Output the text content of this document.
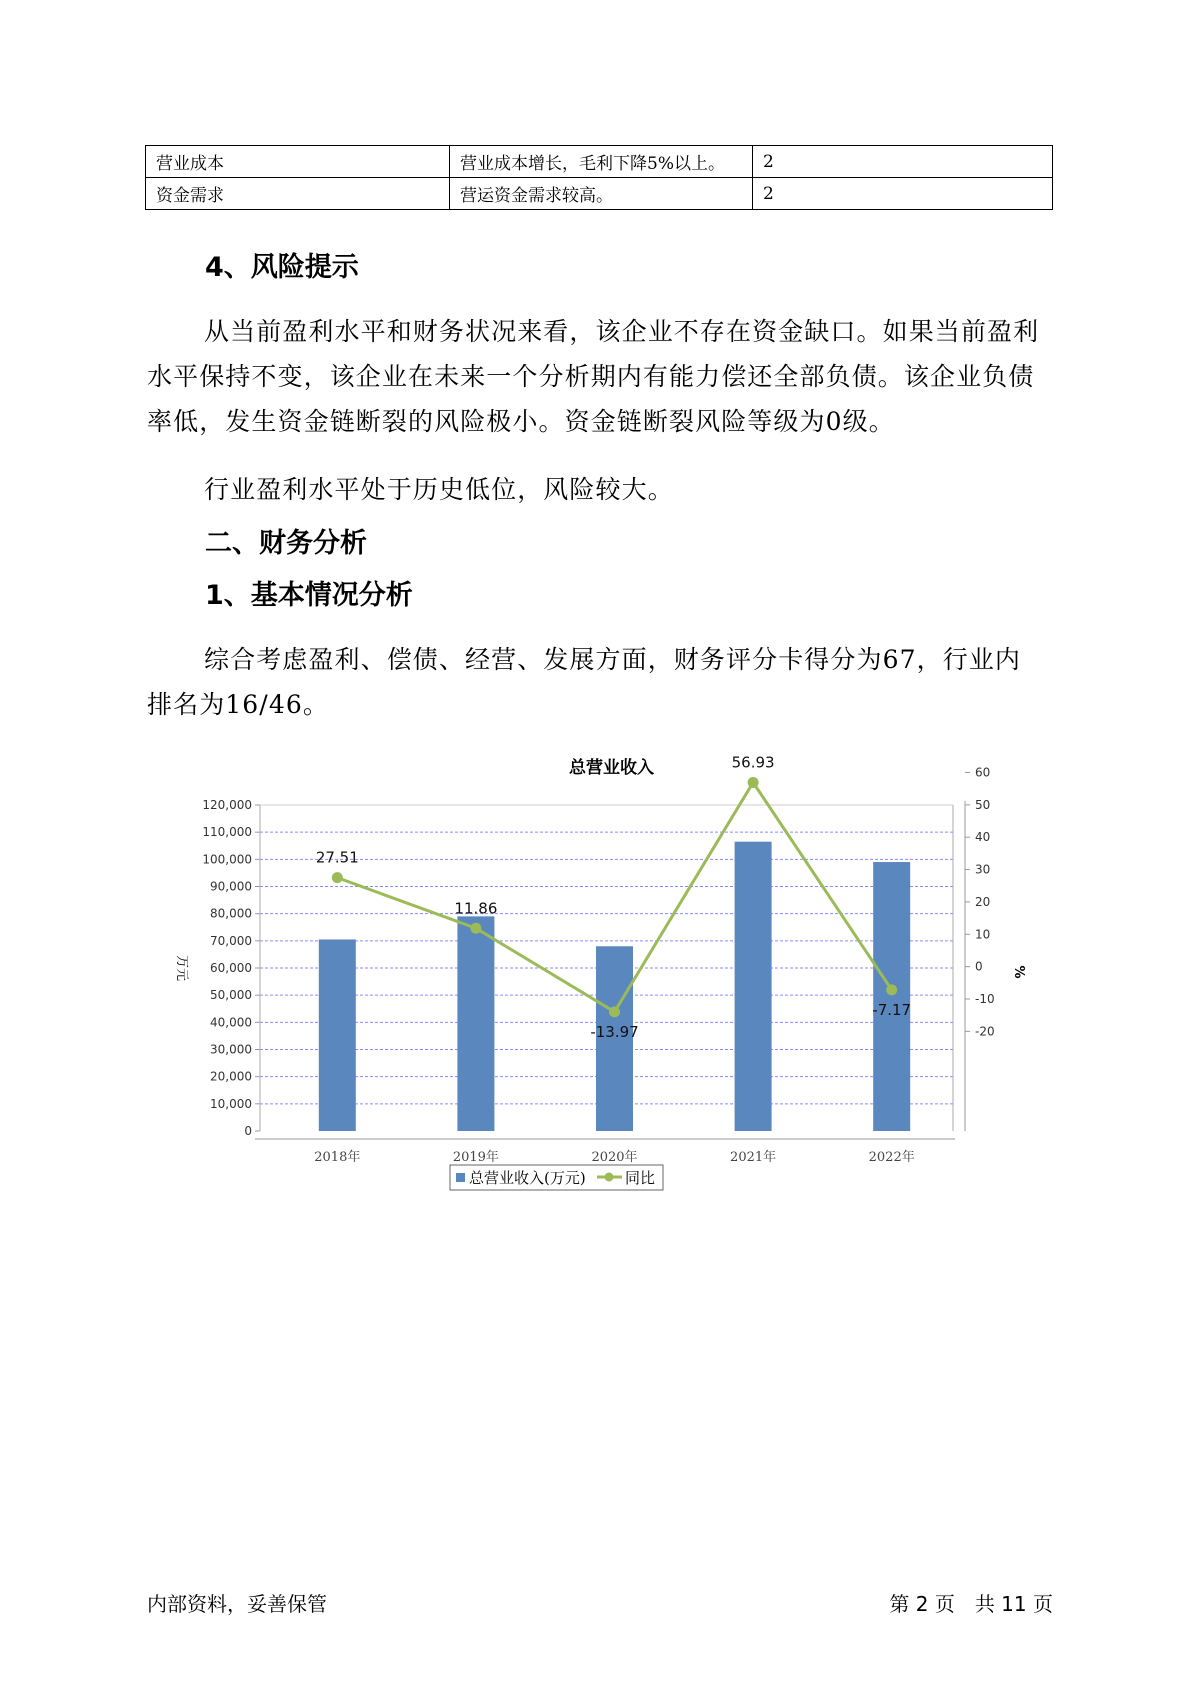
营业成本	营业成本增长，毛利下降5%以上。	2
资金需求	营运资金需求较高。	2
4、风险提示

从当前盈利水平和财务状况来看，该企业不存在资金缺口。如果当前盈利水平保持不变，该企业在未来一个分析期内有能力偿还全部负债。该企业负债率低，发生资金链断裂的风险极小。资金链断裂风险等级为0级。

行业盈利水平处于历史低位，风险较大。

二、财务分析
1、基本情况分析

综合考虑盈利、偿债、经营、发展方面，财务评分卡得分为67，行业内排名为16/46。

总营业收入
0
10,000
20,000
30,000
40,000
50,000
60,000
70,000
80,000
90,000
100,000
110,000
120,000
-20
-10
0
10
20
30
40
50
60
万元	%
2018年	2019年	2020年	2021年	2022年
27.51
11.86
-13.97
56.93
-7.17
总营业收入(万元)	同比
内部资料，妥善保管	第 2 页　共 11 页
